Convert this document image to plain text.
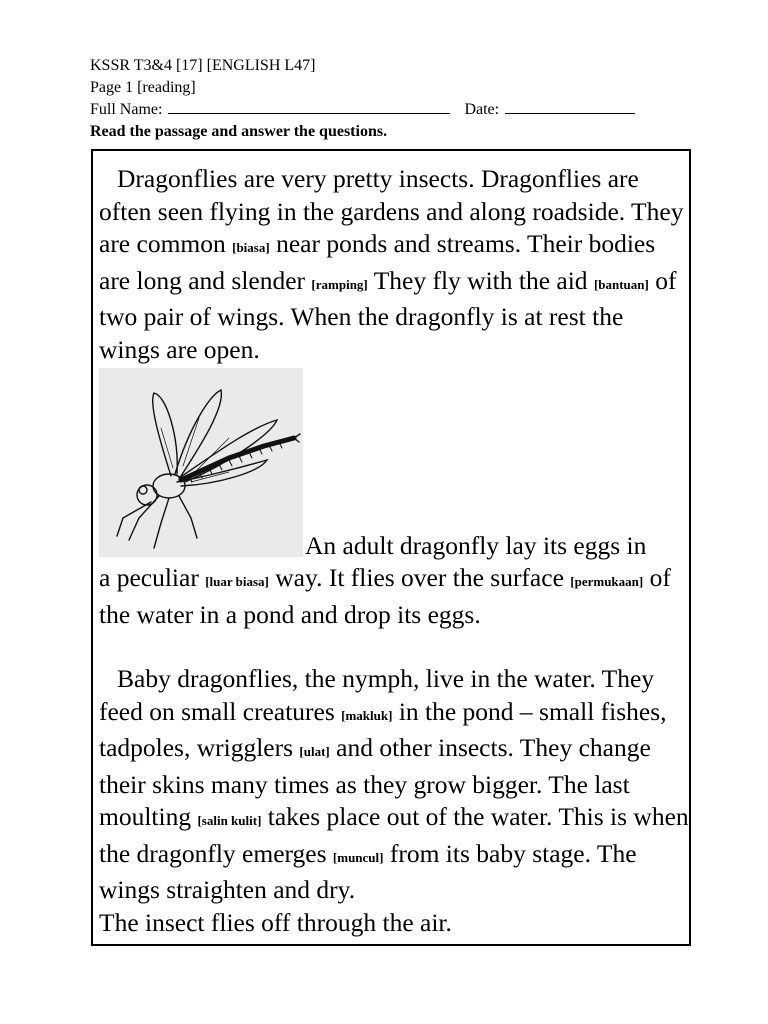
KSSR T3&4 [17] [ENGLISH L47]
Page 1 [reading]
Full Name:	Date:
Read the passage and answer the questions.

Dragonflies are very pretty insects. Dragonflies are often seen flying in the gardens and along roadside. They are common [biasa] near ponds and streams. Their bodies are long and slender [ramping] They fly with the aid [bantuan] of two pair of wings. When the dragonfly is at rest the wings are open.

An adult dragonfly lay its eggs in

a peculiar [luar biasa] way. It flies over the surface [permukaan] of the water in a pond and drop its eggs.

Baby dragonflies, the nymph, live in the water. They feed on small creatures [makluk] in the pond – small fishes, tadpoles, wrigglers [ulat] and other insects. They change their skins many times as they grow bigger. The last moulting [salin kulit] takes place out of the water. This is when the dragonfly emerges [muncul] from its baby stage. The wings straighten and dry.

The insect flies off through the air.
